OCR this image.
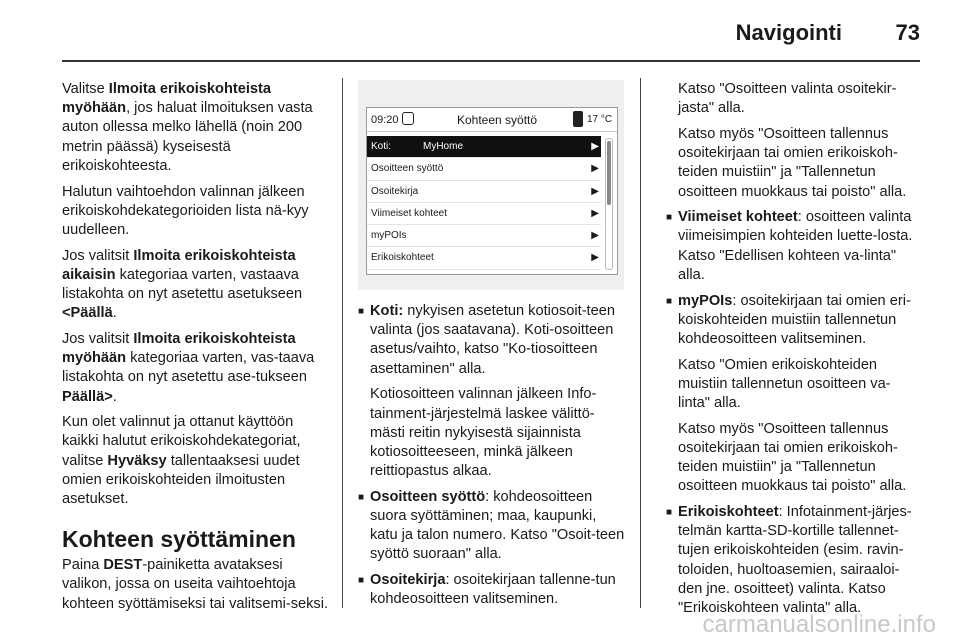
Navigointi 73

Valitse Ilmoita erikoiskohteista myöhään, jos haluat ilmoituksen vasta auton ollessa melko lähellä (noin 200 metrin päässä) kyseisestä erikoiskohteesta.

Halutun vaihtoehdon valinnan jälkeen erikoiskohdekategorioiden lista nä-kyy uudelleen.

Jos valitsit Ilmoita erikoiskohteista aikaisin kategoriaa varten, vastaava listakohta on nyt asetettu asetukseen <Päällä.

Jos valitsit Ilmoita erikoiskohteista myöhään kategoriaa varten, vas-taava listakohta on nyt asetettu ase-tukseen Päällä>.

Kun olet valinnut ja ottanut käyttöön kaikki halutut erikoiskohdekategoriat, valitse Hyväksy tallentaaksesi uudet omien erikoiskohteiden ilmoitusten asetukset.

Kohteen syöttäminen

Paina DEST-painiketta avataksesi valikon, jossa on useita vaihtoehtoja kohteen syöttämiseksi tai valitsemi-seksi.

09:20	Kohteen syöttö	17 °C
Koti:	MyHome	▶
Osoitteen syöttö	▶
Osoitekirja	▶
Viimeiset kohteet	▶
myPOIs	▶
Erikoiskohteet	▶

■ Koti: nykyisen asetetun kotiosoit-teen valinta (jos saatavana). Koti-osoitteen asetus/vaihto, katso "Ko-tiosoitteen asettaminen" alla.

Kotiosoitteen valinnan jälkeen Info-tainment-järjestelmä laskee välittö-mästi reitin nykyisestä sijainnista kotiosoitteeseen, minkä jälkeen reittiopastus alkaa.

■ Osoitteen syöttö: kohdeosoitteen suora syöttäminen; maa, kaupunki, katu ja talon numero. Katso "Osoit-teen syöttö suoraan" alla.

■ Osoitekirja: osoitekirjaan tallenne-tun kohdeosoitteen valitseminen.

Katso "Osoitteen valinta osoitekir-jasta" alla.

Katso myös "Osoitteen tallennus osoitekirjaan tai omien erikoiskoh-teiden muistiin" ja "Tallennetun osoitteen muokkaus tai poisto" alla.

■ Viimeiset kohteet: osoitteen valinta viimeisimpien kohteiden luette-losta. Katso "Edellisen kohteen va-linta" alla.

■ myPOIs: osoitekirjaan tai omien eri-koiskohteiden muistiin tallennetun kohdeosoitteen valitseminen.

Katso "Omien erikoiskohteiden muistiin tallennetun osoitteen va-linta" alla.

Katso myös "Osoitteen tallennus osoitekirjaan tai omien erikoiskoh-teiden muistiin" ja "Tallennetun osoitteen muokkaus tai poisto" alla.

■ Erikoiskohteet: Infotainment-järjes-telmän kartta-SD-kortille tallennet-tujen erikoiskohteiden (esim. ravin-toloiden, huoltoasemien, sairaaloi-den jne. osoitteet) valinta. Katso "Erikoiskohteen valinta" alla.

carmanualsonline.info
